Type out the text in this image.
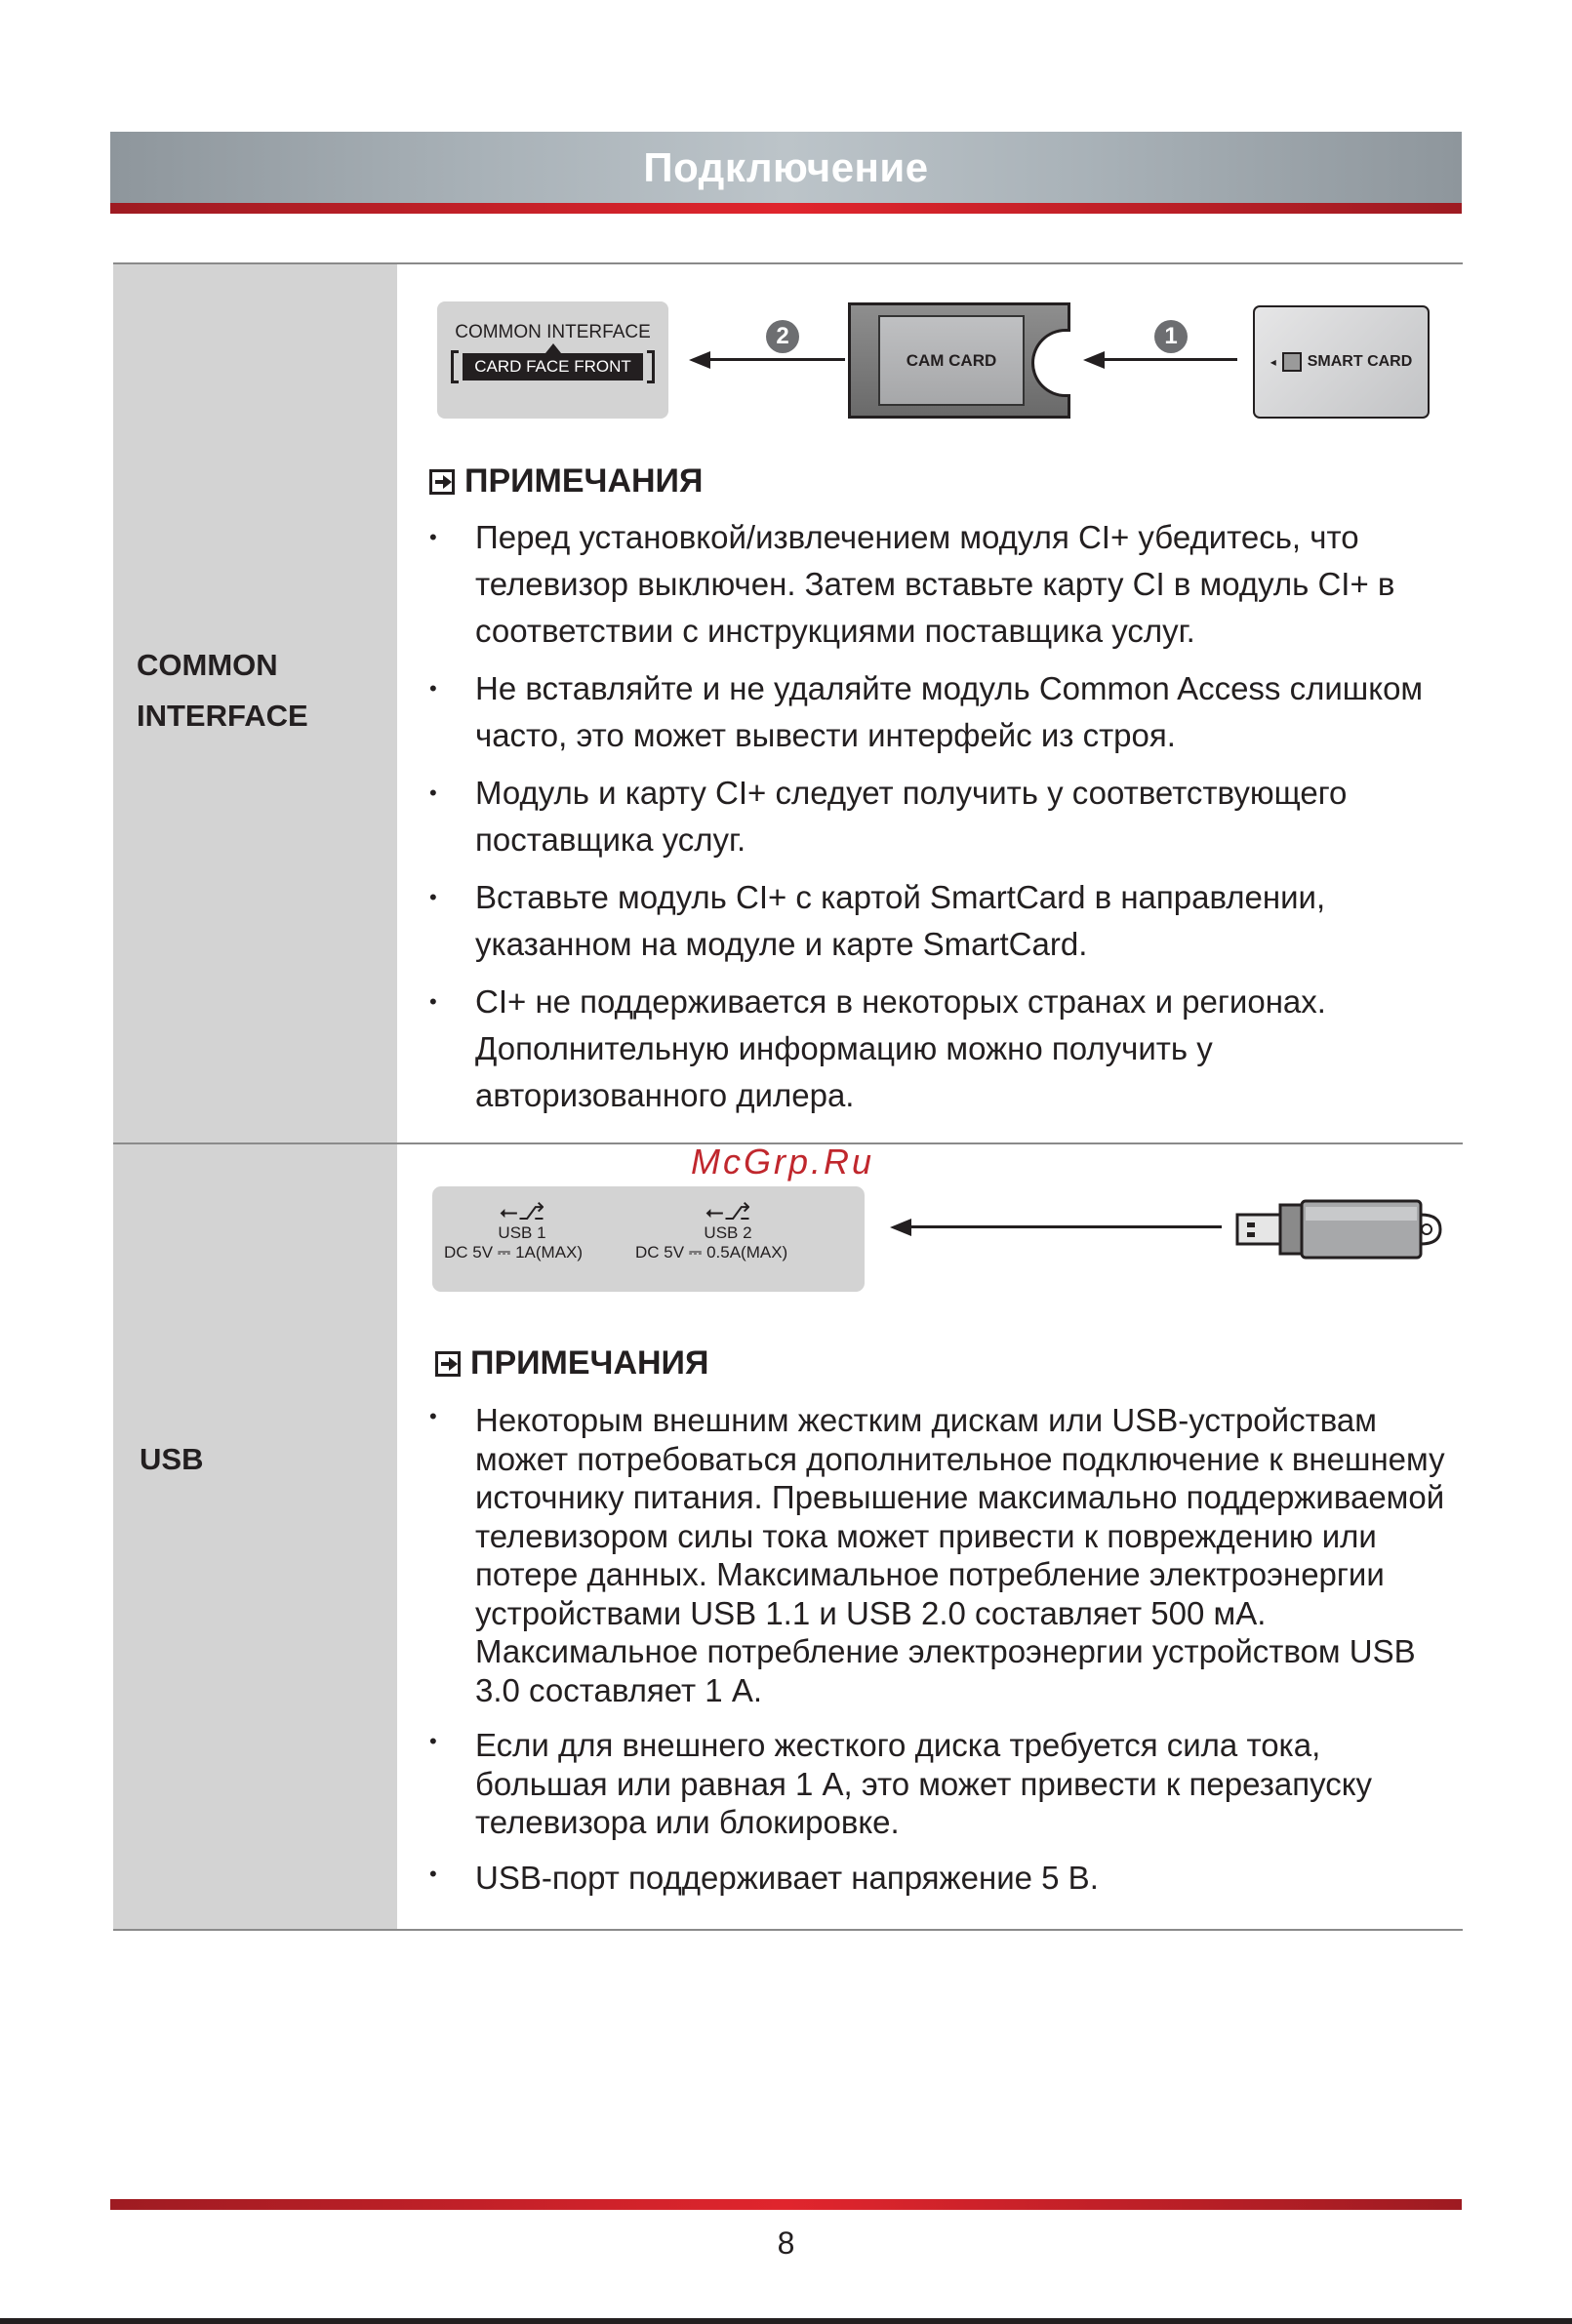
Подключение
COMMON
INTERFACE
COMMON INTERFACE
CARD FACE FRONT
2
CAM CARD
1
◂ SMART CARD
ПРИМЕЧАНИЯ
• Перед установкой/извлечением модуля CI+ убедитесь, что телевизор выключен. Затем вставьте карту CI в модуль CI+ в соответствии с инструкциями поставщика услуг.
• Не вставляйте и не удаляйте модуль Common Access слишком часто, это может вывести интерфейс из строя.
• Модуль и карту CI+ следует получить у соответствующего поставщика услуг.
• Вставьте модуль CI+ с картой SmartCard в направлении, указанном на модуле и карте SmartCard.
• CI+ не поддерживается в некоторых странах и регионах. Дополнительную информацию можно получить у авторизованного дилера.
USB
McGrp.Ru
⭠⎇
USB 1
DC 5V ⎓ 1A(MAX)
⭠⎇
USB 2
DC 5V ⎓ 0.5A(MAX)
ПРИМЕЧАНИЯ
• Некоторым внешним жестким дискам или USB-устройствам может потребоваться дополнительное подключение к внешнему источнику питания. Превышение максимально поддерживаемой телевизором силы тока может привести к повреждению или потере данных. Максимальное потребление электроэнергии устройствами USB 1.1 и USB 2.0 составляет 500 мА. Максимальное потребление электроэнергии устройством USB 3.0 составляет 1 А.
• Если для внешнего жесткого диска требуется сила тока, большая или равная 1 А, это может привести к перезапуску телевизора или блокировке.
• USB-порт поддерживает напряжение 5 В.
8
